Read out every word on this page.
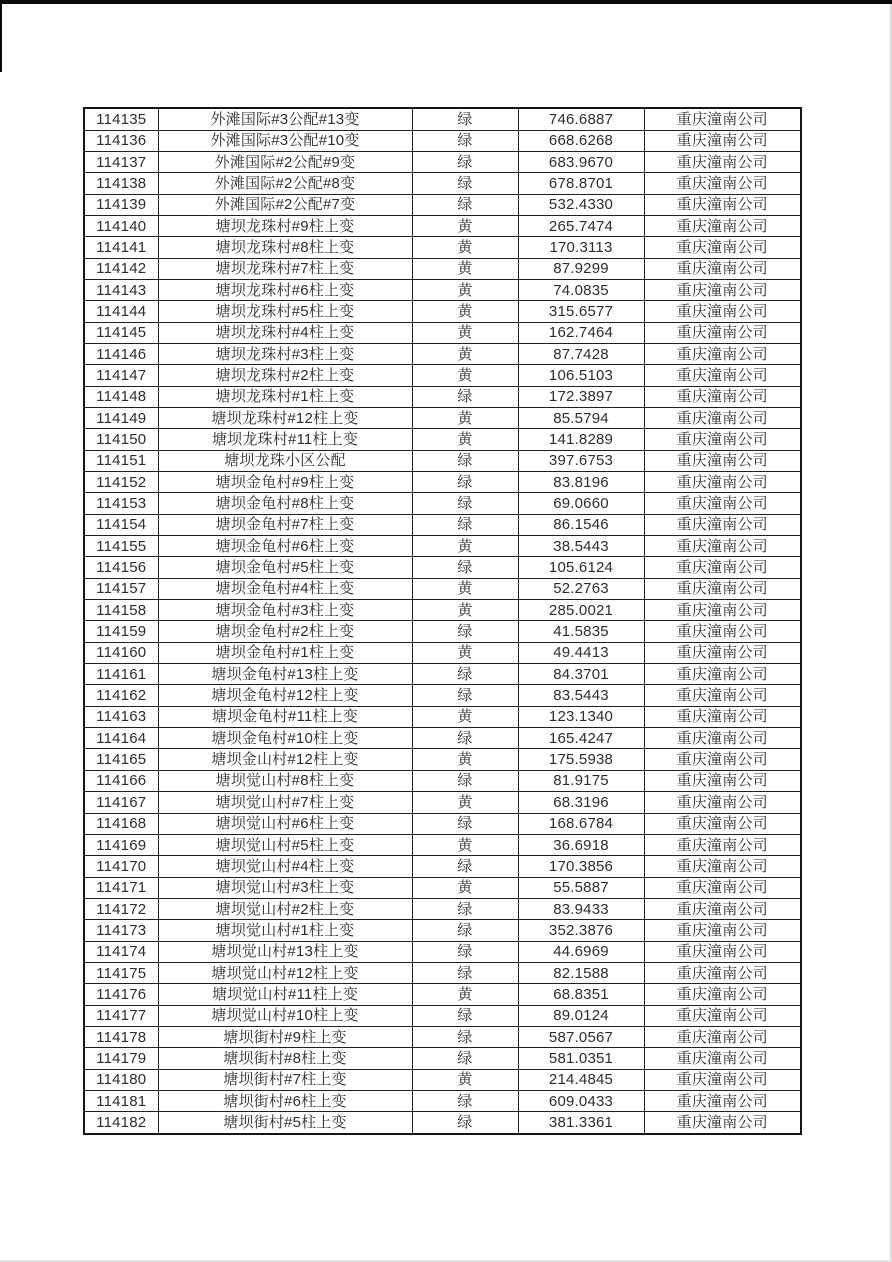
114135	外滩国际#3公配#13变	绿	746.6887	重庆潼南公司
114136	外滩国际#3公配#10变	绿	668.6268	重庆潼南公司
114137	外滩国际#2公配#9变	绿	683.9670	重庆潼南公司
114138	外滩国际#2公配#8变	绿	678.8701	重庆潼南公司
114139	外滩国际#2公配#7变	绿	532.4330	重庆潼南公司
114140	塘坝龙珠村#9柱上变	黄	265.7474	重庆潼南公司
114141	塘坝龙珠村#8柱上变	黄	170.3113	重庆潼南公司
114142	塘坝龙珠村#7柱上变	黄	87.9299	重庆潼南公司
114143	塘坝龙珠村#6柱上变	黄	74.0835	重庆潼南公司
114144	塘坝龙珠村#5柱上变	黄	315.6577	重庆潼南公司
114145	塘坝龙珠村#4柱上变	黄	162.7464	重庆潼南公司
114146	塘坝龙珠村#3柱上变	黄	87.7428	重庆潼南公司
114147	塘坝龙珠村#2柱上变	黄	106.5103	重庆潼南公司
114148	塘坝龙珠村#1柱上变	绿	172.3897	重庆潼南公司
114149	塘坝龙珠村#12柱上变	黄	85.5794	重庆潼南公司
114150	塘坝龙珠村#11柱上变	黄	141.8289	重庆潼南公司
114151	塘坝龙珠小区公配	绿	397.6753	重庆潼南公司
114152	塘坝金龟村#9柱上变	绿	83.8196	重庆潼南公司
114153	塘坝金龟村#8柱上变	绿	69.0660	重庆潼南公司
114154	塘坝金龟村#7柱上变	绿	86.1546	重庆潼南公司
114155	塘坝金龟村#6柱上变	黄	38.5443	重庆潼南公司
114156	塘坝金龟村#5柱上变	绿	105.6124	重庆潼南公司
114157	塘坝金龟村#4柱上变	黄	52.2763	重庆潼南公司
114158	塘坝金龟村#3柱上变	黄	285.0021	重庆潼南公司
114159	塘坝金龟村#2柱上变	绿	41.5835	重庆潼南公司
114160	塘坝金龟村#1柱上变	黄	49.4413	重庆潼南公司
114161	塘坝金龟村#13柱上变	绿	84.3701	重庆潼南公司
114162	塘坝金龟村#12柱上变	绿	83.5443	重庆潼南公司
114163	塘坝金龟村#11柱上变	黄	123.1340	重庆潼南公司
114164	塘坝金龟村#10柱上变	绿	165.4247	重庆潼南公司
114165	塘坝金山村#12柱上变	黄	175.5938	重庆潼南公司
114166	塘坝觉山村#8柱上变	绿	81.9175	重庆潼南公司
114167	塘坝觉山村#7柱上变	黄	68.3196	重庆潼南公司
114168	塘坝觉山村#6柱上变	绿	168.6784	重庆潼南公司
114169	塘坝觉山村#5柱上变	黄	36.6918	重庆潼南公司
114170	塘坝觉山村#4柱上变	绿	170.3856	重庆潼南公司
114171	塘坝觉山村#3柱上变	黄	55.5887	重庆潼南公司
114172	塘坝觉山村#2柱上变	绿	83.9433	重庆潼南公司
114173	塘坝觉山村#1柱上变	绿	352.3876	重庆潼南公司
114174	塘坝觉山村#13柱上变	绿	44.6969	重庆潼南公司
114175	塘坝觉山村#12柱上变	绿	82.1588	重庆潼南公司
114176	塘坝觉山村#11柱上变	黄	68.8351	重庆潼南公司
114177	塘坝觉山村#10柱上变	绿	89.0124	重庆潼南公司
114178	塘坝街村#9柱上变	绿	587.0567	重庆潼南公司
114179	塘坝街村#8柱上变	绿	581.0351	重庆潼南公司
114180	塘坝街村#7柱上变	黄	214.4845	重庆潼南公司
114181	塘坝街村#6柱上变	绿	609.0433	重庆潼南公司
114182	塘坝街村#5柱上变	绿	381.3361	重庆潼南公司
